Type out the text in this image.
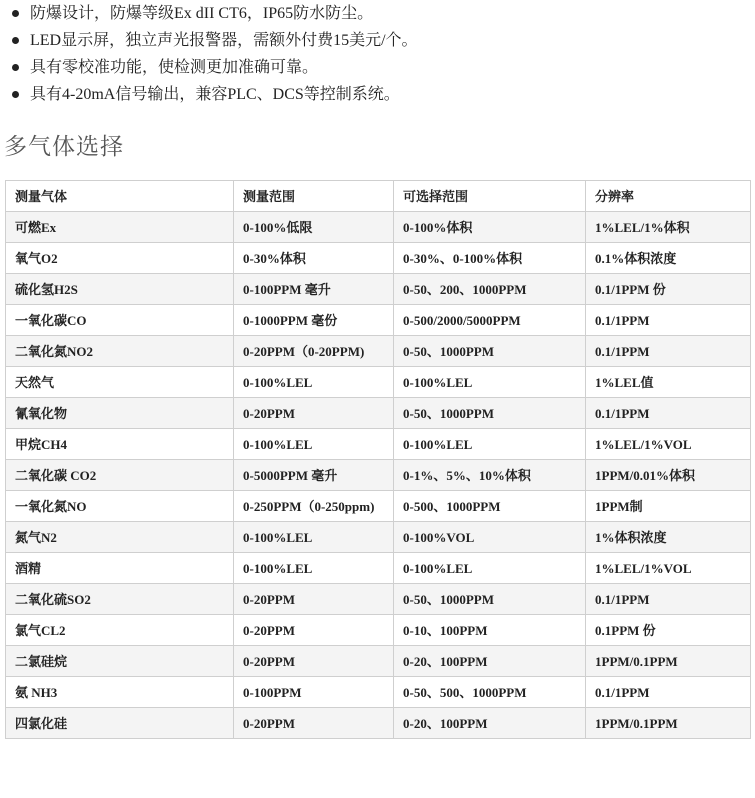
防爆设计，防爆等级Ex dII CT6，IP65防水防尘。
LED显示屏，独立声光报警器，需额外付费15美元/个。
具有零校准功能，使检测更加准确可靠。
具有4-20mA信号输出，兼容PLC、DCS等控制系统。
多气体选择
测量气体	测量范围	可选择范围	分辨率
可燃Ex	0-100%低限	0-100%体积	1%LEL/1%体积
氧气O2	0-30%体积	0-30%、0-100%体积	0.1%体积浓度
硫化氢H2S	0-100PPM 毫升	0-50、200、1000PPM	0.1/1PPM 份
一氧化碳CO	0-1000PPM 毫份	0-500/2000/5000PPM	0.1/1PPM
二氧化氮NO2	0-20PPM（0-20PPM)	0-50、1000PPM	0.1/1PPM
天然气	0-100%LEL	0-100%LEL	1%LEL值
氰氧化物	0-20PPM	0-50、1000PPM	0.1/1PPM
甲烷CH4	0-100%LEL	0-100%LEL	1%LEL/1%VOL
二氧化碳 CO2	0-5000PPM 毫升	0-1%、5%、10%体积	1PPM/0.01%体积
一氧化氮NO	0-250PPM（0-250ppm)	0-500、1000PPM	1PPM制
氮气N2	0-100%LEL	0-100%VOL	1%体积浓度
酒精	0-100%LEL	0-100%LEL	1%LEL/1%VOL
二氧化硫SO2	0-20PPM	0-50、1000PPM	0.1/1PPM
氯气CL2	0-20PPM	0-10、100PPM	0.1PPM 份
二氯硅烷	0-20PPM	0-20、100PPM	1PPM/0.1PPM
氨 NH3	0-100PPM	0-50、500、1000PPM	0.1/1PPM
四氯化硅	0-20PPM	0-20、100PPM	1PPM/0.1PPM
